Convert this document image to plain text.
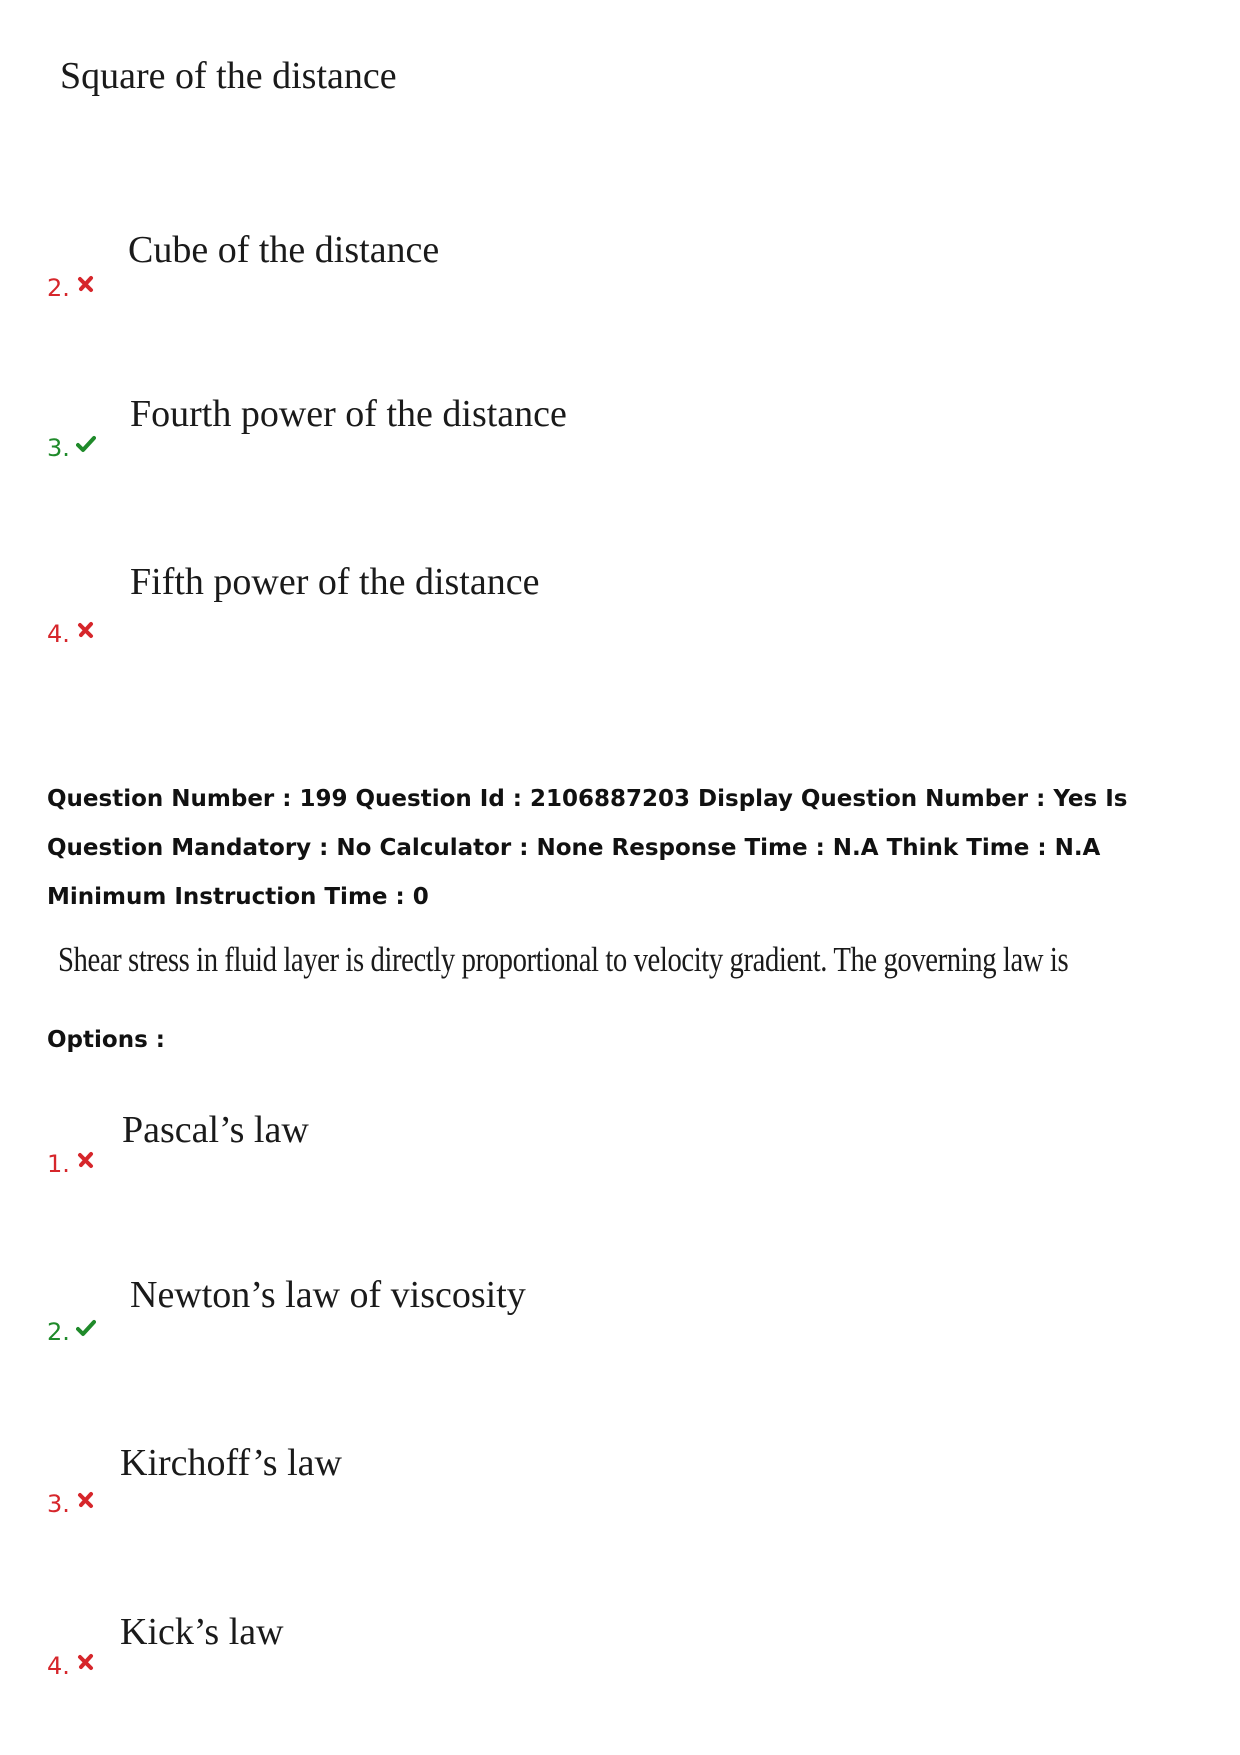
Square of the distance
Cube of the distance
2.
Fourth power of the distance
3.
Fifth power of the distance
4.
Question Number : 199 Question Id : 2106887203 Display Question Number : Yes Is Question Mandatory : No Calculator : None Response Time : N.A Think Time : N.A Minimum Instruction Time : 0
Shear stress in fluid layer is directly proportional to velocity gradient. The governing law is
Options :
Pascal’s law
1.
Newton’s law of viscosity
2.
Kirchoff’s law
3.
Kick’s law
4.
